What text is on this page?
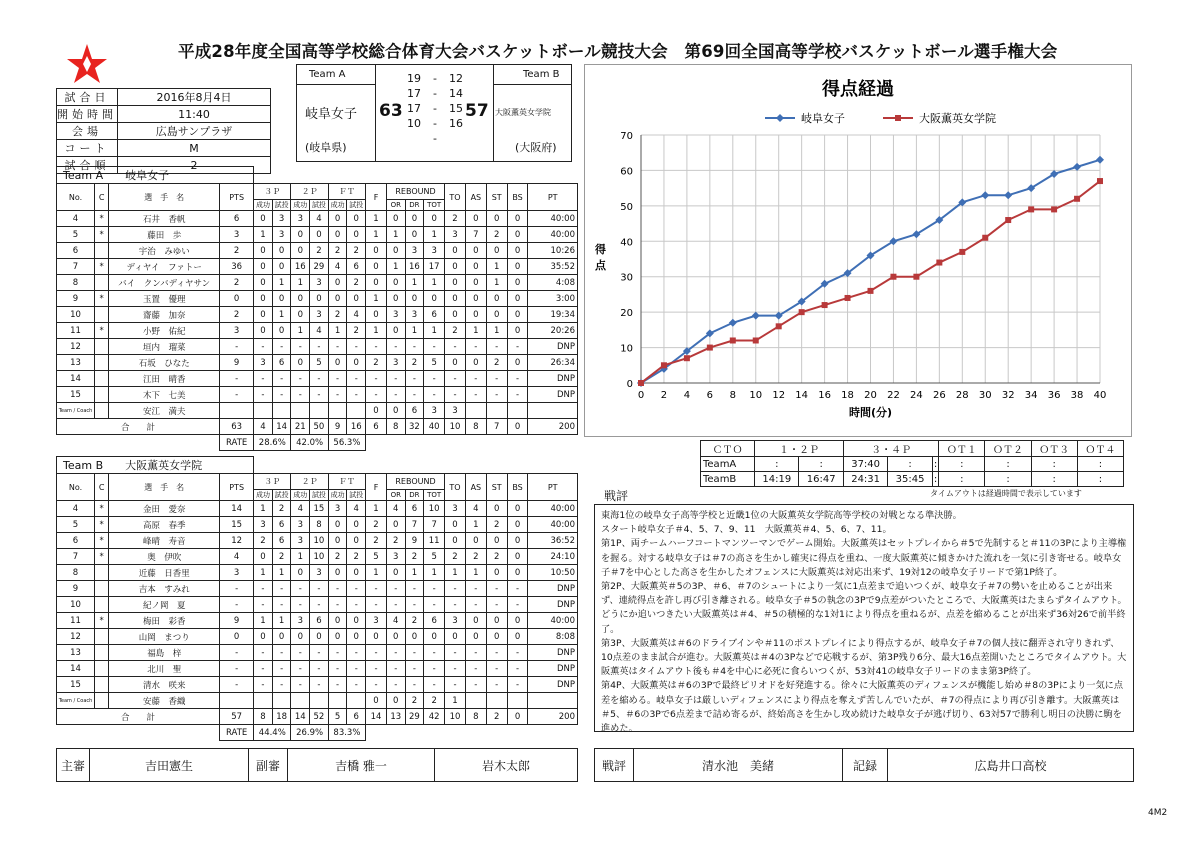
平成28年度全国高等学校総合体育大会バスケットボール競技大会　第69回全国高等学校バスケットボール選手権大会
試合日	2016年8月4日
開始時間	11:40
会場	広島サンプラザ
コート	M
試合順	2
Team A	Team B
岐阜女子	大阪薫英女学院
(岐阜県)	(大阪府)
63	57
19 - 12
17 - 14
17 - 15
10 - 16
-
得点経過
0 2 4 6 8 10 12 14 16 18 20 22 24 26 28 30 32 34 36 38 40
0
10
20
30
40
50
60
70
時間(分)
得
点
岐阜女子	大阪薫英女学院
Team A　　岐阜女子																		
No.	C	選　手　名	PTS	３Ｐ		２Ｐ		ＦＴ		F	REBOUND			TO	AS	ST	BS	PT
				成功	試投	成功	試投	成功	試投		OR	DR	TOT					
4	*	石井　香帆	6	0	3	3	4	0	0	1	0	0	0	2	0	0	0	40:00
5	*	藤田　歩	3	1	3	0	0	0	0	1	1	0	1	3	7	2	0	40:00
6		宇治　みゆい	2	0	0	0	2	2	2	0	0	3	3	0	0	0	0	10:26
7	*	ディヤイ　ファトー	36	0	0	16	29	4	6	0	1	16	17	0	0	1	0	35:52
8		バイ　クンバディヤサン	2	0	1	1	3	0	2	0	0	1	1	0	0	1	0	4:08
9	*	玉置　優理	0	0	0	0	0	0	0	1	0	0	0	0	0	0	0	3:00
10		齋藤　加奈	2	0	1	0	3	2	4	0	3	3	6	0	0	0	0	19:34
11	*	小野　佑紀	3	0	0	1	4	1	2	1	0	1	1	2	1	1	0	20:26
12		垣内　瑠菜	-	-	-	-	-	-	-	-	-	-	-	-	-	-	-	DNP
13		石坂　ひなた	9	3	6	0	5	0	0	2	3	2	5	0	0	2	0	26:34
14		江田　晴香	-	-	-	-	-	-	-	-	-	-	-	-	-	-	-	DNP
15		木下　七美	-	-	-	-	-	-	-	-	-	-	-	-	-	-	-	DNP
Team / Coach		安江　満夫								0	0	6	3	3				
合　　計			63	4	14	21	50	9	16	6	8	32	40	10	8	7	0	200
			RATE	28.6%		42.0%		56.3%										
Team B　　大阪薫英女学院																		
No.	C	選　手　名	PTS	３Ｐ		２Ｐ		ＦＴ		F	REBOUND			TO	AS	ST	BS	PT
				成功	試投	成功	試投	成功	試投		OR	DR	TOT					
4	*	金田　愛奈	14	1	2	4	15	3	4	1	4	6	10	3	4	0	0	40:00
5	*	高原　春季	15	3	6	3	8	0	0	2	0	7	7	0	1	2	0	40:00
6	*	峰晴　寿音	12	2	6	3	10	0	0	2	2	9	11	0	0	0	0	36:52
7	*	奥　伊吹	4	0	2	1	10	2	2	5	3	2	5	2	2	2	0	24:10
8		近藤　日香里	3	1	1	0	3	0	0	1	0	1	1	1	1	0	0	10:50
9		吉本　すみれ	-	-	-	-	-	-	-	-	-	-	-	-	-	-	-	DNP
10		紀ノ岡　夏	-	-	-	-	-	-	-	-	-	-	-	-	-	-	-	DNP
11	*	梅田　彩香	9	1	1	3	6	0	0	3	4	2	6	3	0	0	0	40:00
12		山岡　まつり	0	0	0	0	0	0	0	0	0	0	0	0	0	0	0	8:08
13		福島　梓	-	-	-	-	-	-	-	-	-	-	-	-	-	-	-	DNP
14		北川　聖	-	-	-	-	-	-	-	-	-	-	-	-	-	-	-	DNP
15		清水　咲来	-	-	-	-	-	-	-	-	-	-	-	-	-	-	-	DNP
Team / Coach		安藤　香織								0	0	2	2	1				
合　　計			57	8	18	14	52	5	6	14	13	29	42	10	8	2	0	200
			RATE	44.4%		26.9%		83.3%										
ＣＴＯ	１・２Ｐ		３・４Ｐ			ＯＴ１	ＯＴ２	ＯＴ３	ＯＴ４
TeamA	:	:	37:40	:	:	:	:	:	:
TeamB	14:19	16:47	24:31	35:45	:	:	:	:	:
タイムアウトは経過時間で表示しています
戦評
東海1位の岐阜女子高等学校と近畿1位の大阪薫英女学院高等学校の対戦となる準決勝。
スタート岐阜女子＃4、5、7、9、11　大阪薫英＃4、5、6、7、11。
第1P、両チームハーフコートマンツーマンでゲーム開始。大阪薫英はセットプレイから＃5で先制すると＃11の3Pにより主導権を握る。対する岐阜女子は＃7の高さを生かし確実に得点を重ね、一度大阪薫英に傾きかけた流れを一気に引き寄せる。岐阜女子＃7を中心とした高さを生かしたオフェンスに大阪薫英は対応出来ず、19対12の岐阜女子リードで第1P終了。
第2P、大阪薫英＃5の3P、＃6、＃7のシュートにより一気に1点差まで追いつくが、岐阜女子＃7の勢いを止めることが出来ず、連続得点を許し再び引き離される。岐阜女子＃5の執念の3Pで9点差がついたところで、大阪薫英はたまらずタイムアウト。どうにか追いつきたい大阪薫英は＃4、＃5の積極的な1対1により得点を重ねるが、点差を縮めることが出来ず36対26で前半終了。
第3P、大阪薫英は＃6のドライブインや＃11のポストプレイにより得点するが、岐阜女子＃7の個人技に翻弄され守りきれず、10点差のまま試合が進む。大阪薫英は＃4の3Pなどで応戦するが、第3P残り6分、最大16点差開いたところでタイムアウト。大阪薫英はタイムアウト後も＃4を中心に必死に食らいつくが、53対41の岐阜女子リードのまま第3P終了。
第4P、大阪薫英は＃6の3Pで最終ピリオドを好発進する。徐々に大阪薫英のディフェンスが機能し始め＃8の3Pにより一気に点差を縮める。岐阜女子は厳しいディフェンスにより得点を奪えず苦しんでいたが、＃7の得点により再び引き離す。大阪薫英は＃5、＃6の3Pで6点差まで詰め寄るが、終始高さを生かし攻め続けた岐阜女子が逃げ切り、63対57で勝利し明日の決勝に駒を進めた。
主審	吉田憲生	副審	吉橋 雅一	岩木太郎	戦評	清水池　美緒	記録	広島井口高校
4M2
